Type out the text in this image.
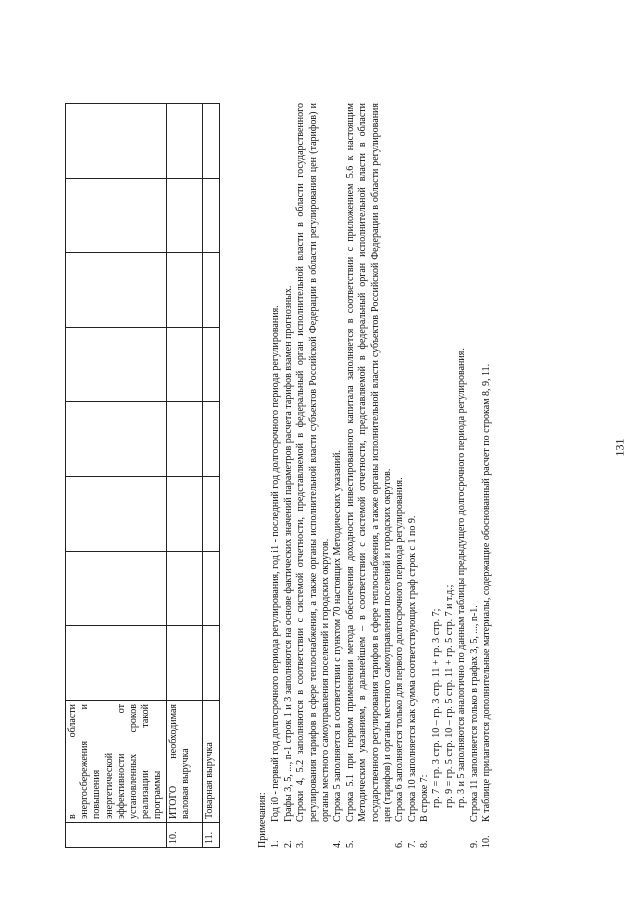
	в области энергосбережения и повышения энергетической эффективности от установленных сроков реализации такой программы								
10.	ИТОГО необходимая валовая выручка								
11.	Товарная выручка								

Примечания: 1.
Год i0 - первый год долгосрочного периода регулирования, год i1 - последний год долгосрочного периода регулирования.
2.
Графы 3, 5, ..., n-1 строк 1 и 3 заполняются на основе фактических значений параметров расчета тарифов взамен прогнозных.
3.
Строки 4, 5.2 заполняются в соответствии с системой отчетности, представляемой в федеральный орган исполнительной власти в области государственного регулирования тарифов в сфере теплоснабжения, а также органы исполнительной власти субъектов Российской Федерации в области регулирования цен (тарифов) и органы местного самоуправления поселений и городских округов.
4.
Строка 5 заполняется в соответствии с пунктом 70 настоящих Методических указаний.
5.
Строка 5.1 при первом применении метода обеспечения доходности инвестированного капитала заполняется в соответствии с приложением 5.6 к настоящим Методическим указаниям, в дальнейшем – в соответствии с системой отчетности, представляемой в федеральный орган исполнительной власти в области государственного регулирования тарифов в сфере теплоснабжения, а также органы исполнительной власти субъектов Российской Федерации в области регулирования цен (тарифов) и органы местного самоуправления поселений и городских округов.
6.
Строка 6 заполняется только для первого долгосрочного периода регулирования.
7.
Строка 10 заполняется как сумма соответствующих граф строк с 1 по 9.
8.
В строке 7: гр. 7 = гр. 3 стр. 10 – гр. 3 стр. 11 + гр. 3 стр. 7; гр. 9 = гр. 5 стр. 10 – гр. 5 стр. 11 + гр. 5 стр. 7 и т.д.; гр. 3 и 5 заполняются аналогично по данным таблицы предыдущего долгосрочного периода регулирования.
9.
Строка 11 заполняется только в графах 3, 5, ..., n-1.
10.
К таблице прилагаются дополнительные материалы, содержащие обоснованный расчет по строкам 8, 9, 11.	131
